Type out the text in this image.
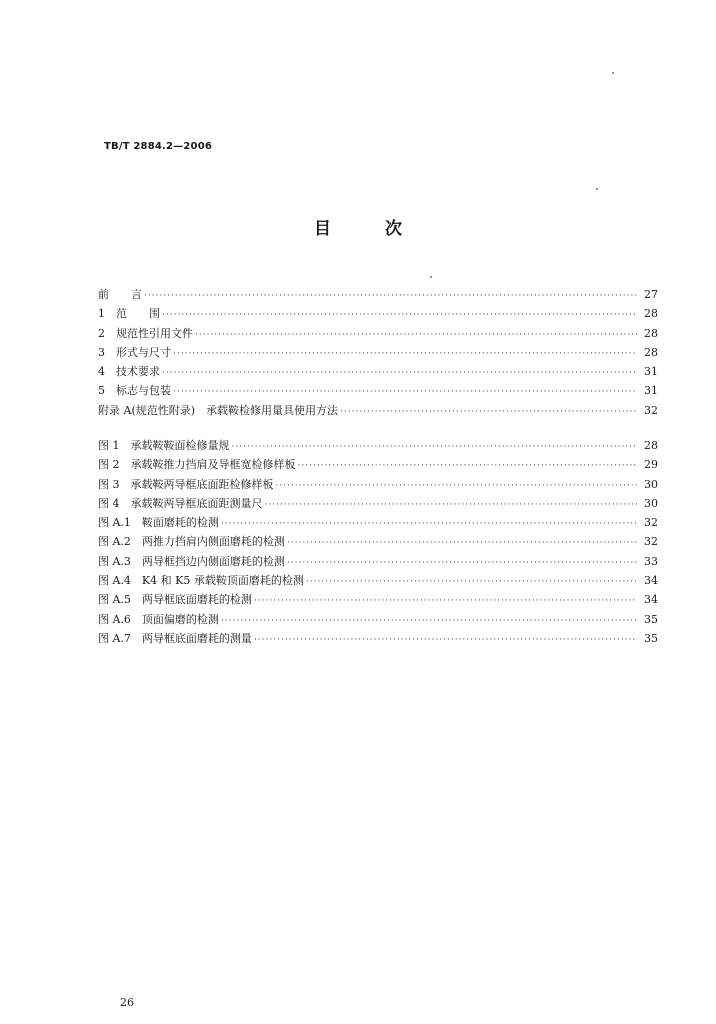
TB/T 2884.2—2006
目 次
前　　言 ·····	27
1　范　　围 ·····	28
2　规范性引用文件 ·····	28
3　形式与尺寸 ·····	28
4　技术要求 ·····	31
5　标志与包装 ·····	31
附录 A(规范性附录)　承载鞍检修用量具使用方法 ·····	32
图 1　承载鞍鞍面检修量规 ·····	28
图 2　承载鞍推力挡肩及导框宽检修样板 ·····	29
图 3　承载鞍两导框底面距检修样板 ·····	30
图 4　承载鞍两导框底面距测量尺 ·····	30
图 A.1　鞍面磨耗的检测 ·····	32
图 A.2　两推力挡肩内侧面磨耗的检测 ·····	32
图 A.3　两导框挡边内侧面磨耗的检测 ·····	33
图 A.4　K4 和 K5 承载鞍顶面磨耗的检测 ·····	34
图 A.5　两导框底面磨耗的检测 ·····	34
图 A.6　顶面偏磨的检测 ·····	35
图 A.7　两导框底面磨耗的测量 ·····	35
26
